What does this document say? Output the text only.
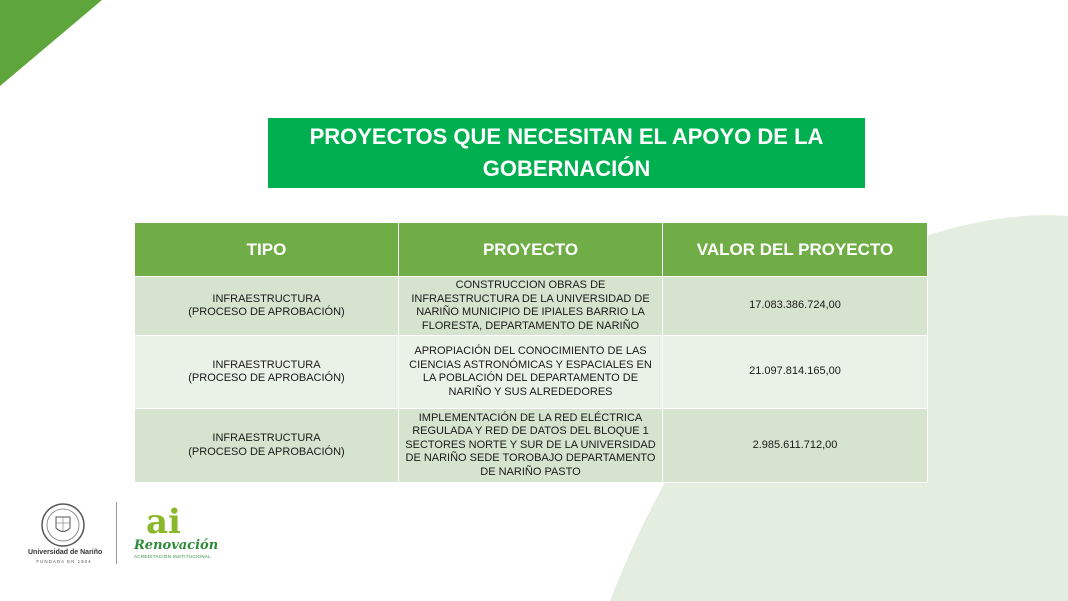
PROYECTOS QUE NECESITAN EL APOYO DE LA GOBERNACIÓN
TIPO	PROYECTO	VALOR DEL PROYECTO

INFRAESTRUCTURA
(PROCESO DE APROBACIÓN)	CONSTRUCCION OBRAS DE INFRAESTRUCTURA DE LA UNIVERSIDAD DE NARIÑO MUNICIPIO DE IPIALES BARRIO LA FLORESTA, DEPARTAMENTO DE NARIÑO	17.083.386.724,00

INFRAESTRUCTURA
(PROCESO DE APROBACIÓN)	APROPIACIÓN DEL CONOCIMIENTO DE LAS CIENCIAS ASTRONÓMICAS Y ESPACIALES EN LA POBLACIÓN DEL DEPARTAMENTO DE NARIÑO Y SUS ALREDEDORES	21.097.814.165,00

INFRAESTRUCTURA
(PROCESO DE APROBACIÓN)	IMPLEMENTACIÓN DE LA RED ELÉCTRICA REGULADA Y RED DE DATOS DEL BLOQUE 1 SECTORES NORTE Y SUR DE LA UNIVERSIDAD DE NARIÑO SEDE TOROBAJO DEPARTAMENTO DE NARIÑO PASTO	2.985.611.712,00
Universidad de Nariño
FUNDADA EN 1904
ai
Renovación
ACREDITACIÓN INSTITUCIONAL
